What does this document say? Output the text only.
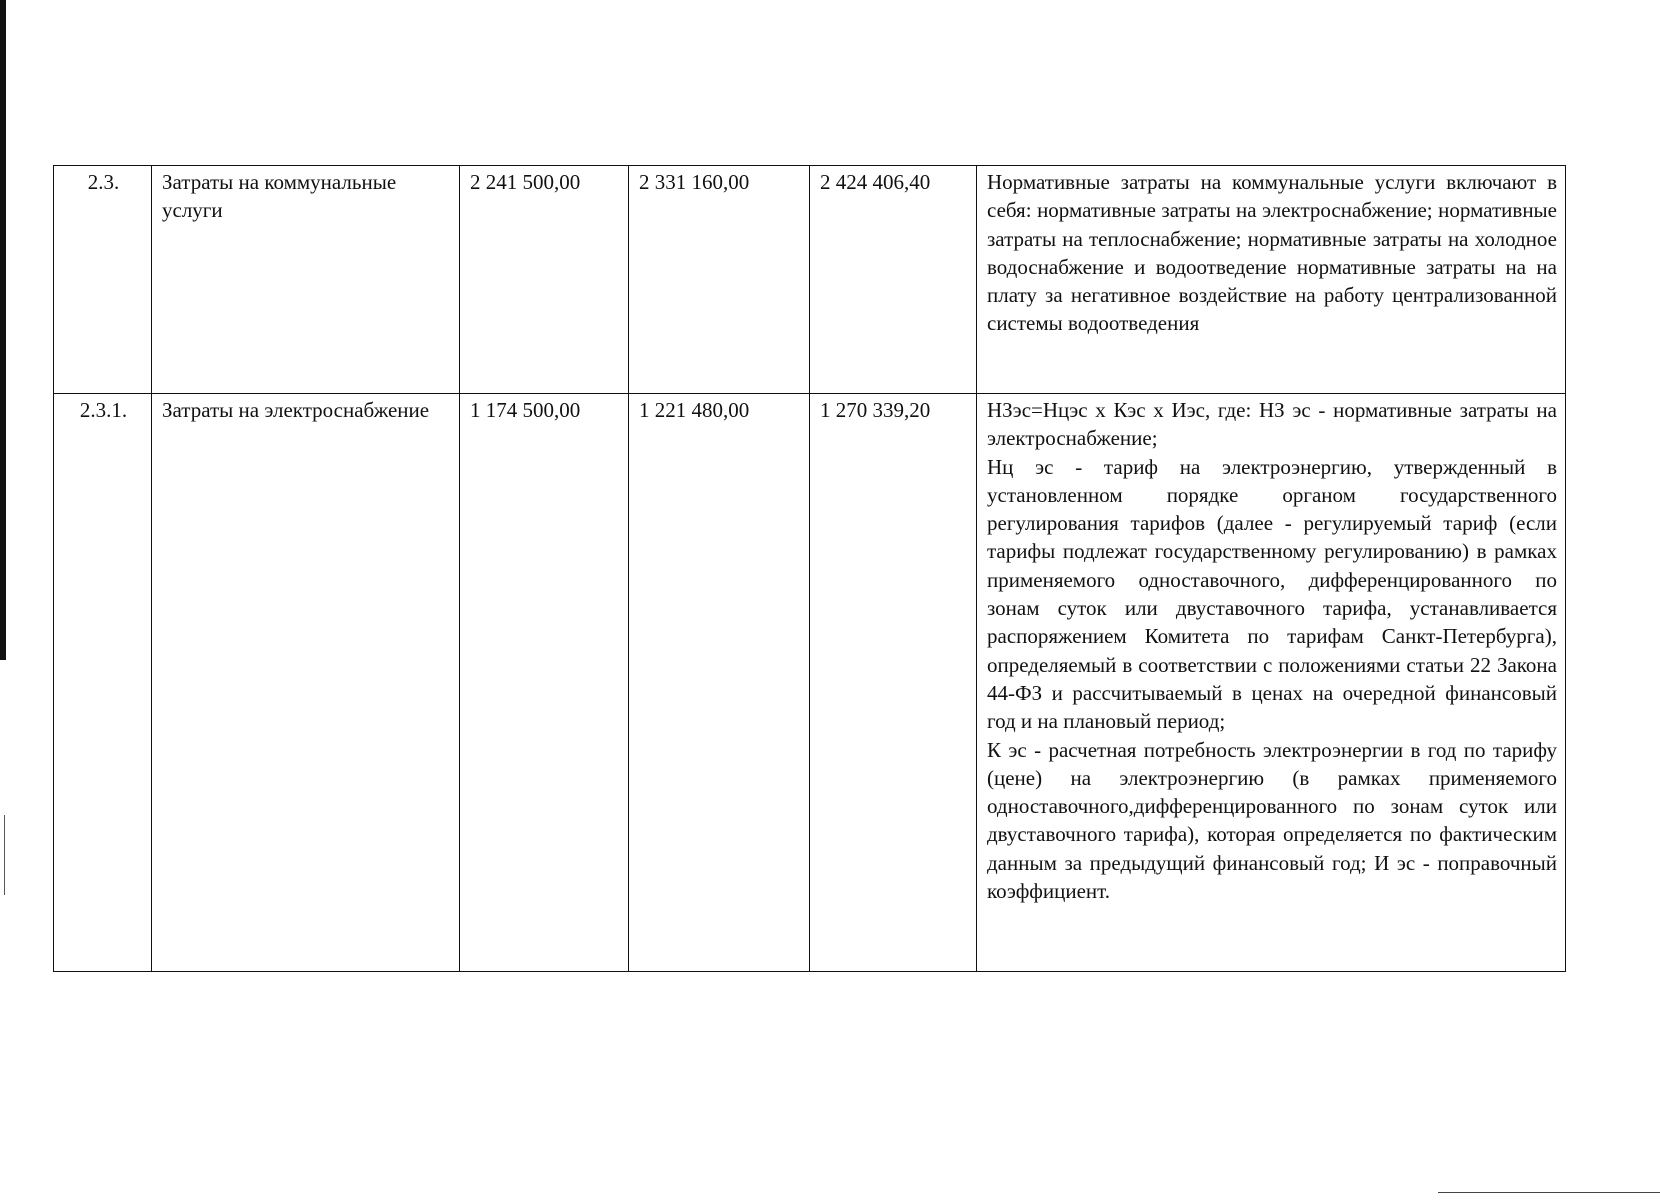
2.3.	Затраты на коммунальные услуги	2 241 500,00	2 331 160,00	2 424 406,40	Нормативные затраты на коммунальные услуги включают в себя: нормативные затраты на электроснабжение; нормативные затраты на теплоснабжение; нормативные затраты на холодное водоснабжение и водоотведение нормативные затраты на на плату за негативное воздействие на работу централизованной системы водоотведения

2.3.1.	Затраты на электроснабжение	1 174 500,00	1 221 480,00	1 270 339,20	НЗэс=Нцэс х Кэс х Иэс, где: НЗ эс - нормативные затраты на электроснабжение;
Нц эс - тариф на электроэнергию, утвержденный в установленном порядке органом государственного регулирования тарифов (далее - регулируемый тариф (если тарифы подлежат государственному регулированию) в рамках применяемого одноставочного, дифференцированного по зонам суток или двуставочного тарифа, устанавливается распоряжением Комитета по тарифам Санкт-Петербурга), определяемый в соответствии с положениями статьи 22 Закона 44-ФЗ и рассчитываемый в ценах на очередной финансовый год и на плановый период;
К эс - расчетная потребность электроэнергии в год по тарифу (цене) на электроэнергию (в рамках применяемого одноставочного,дифференцированного по зонам суток или двуставочного тарифа), которая определяется по фактическим данным за предыдущий финансовый год; И эс - поправочный коэффициент.
